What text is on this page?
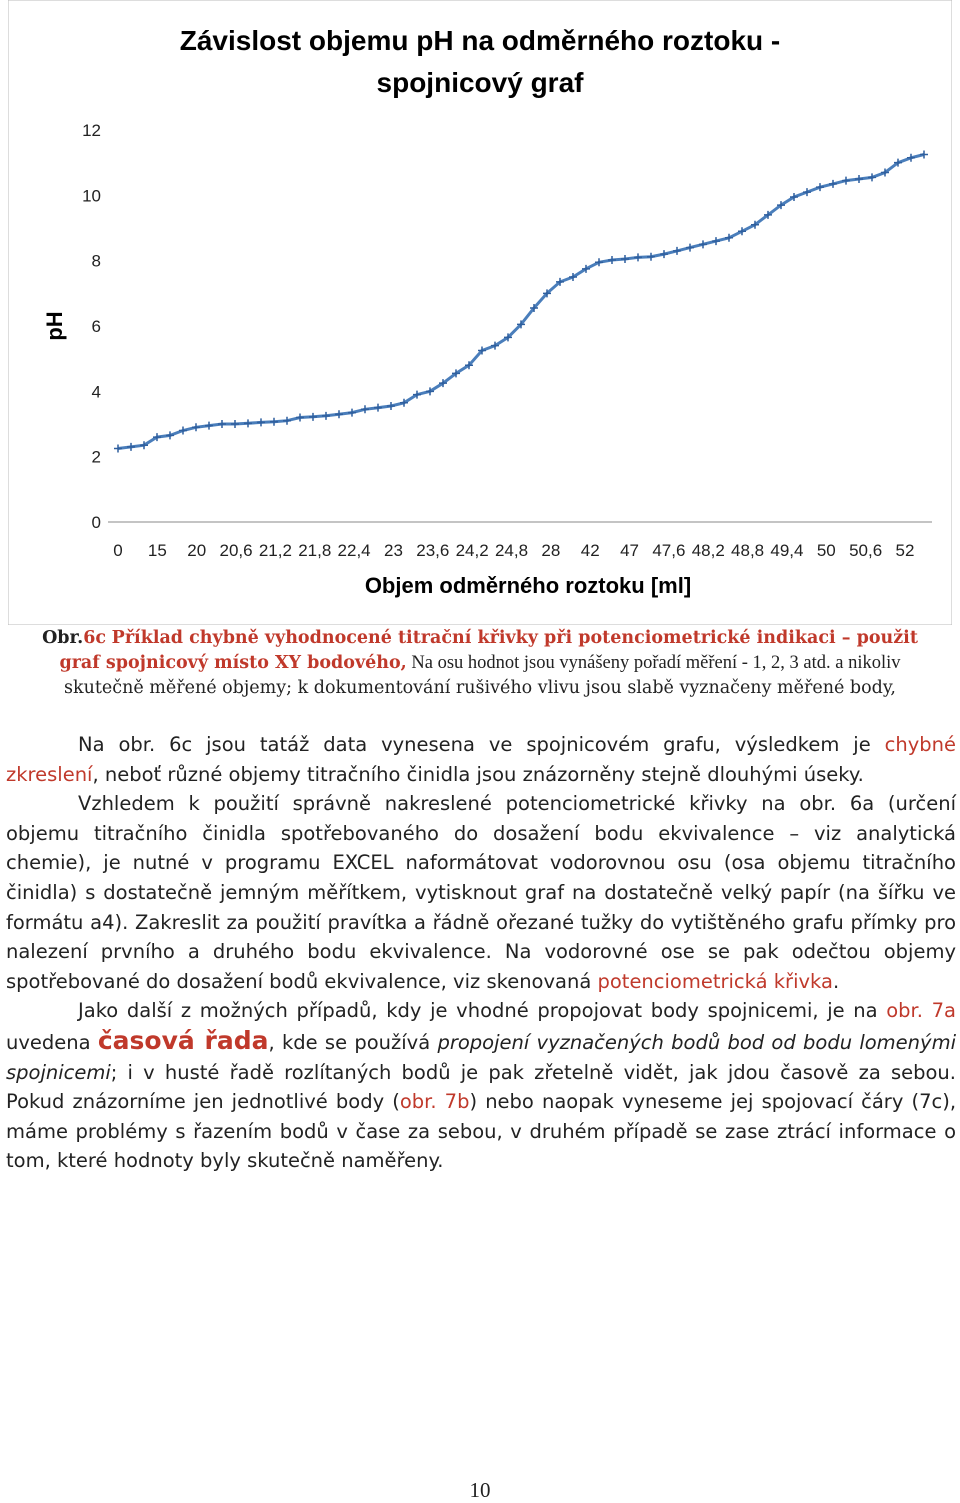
Závislost objemu pH na odměrného roztoku -
spojnicový graf
pH
0
2
4
6
8
10
12
0 15 20 20,6 21,2 21,8 22,4 23 23,6 24,2 24,8 28 42 47 47,6 48,2 48,8 49,4 50 50,6 52
Objem odměrného roztoku [ml]
Obr.6c Příklad chybně vyhodnocené titrační křivky při potenciometrické indikaci – použit graf spojnicový místo XY bodového, Na osu hodnot jsou vynášeny pořadí měření - 1, 2, 3 atd. a nikoliv
skutečně měřené objemy; k dokumentování rušivého vlivu jsou slabě vyznačeny měřené body,

Na obr. 6c jsou tatáž data vynesena ve spojnicovém grafu, výsledkem je chybné zkreslení, neboť různé objemy titračního činidla jsou znázorněny stejně dlouhými úseky.

Vzhledem k použití správně nakreslené potenciometrické křivky na obr. 6a (určení objemu titračního činidla spotřebovaného do dosažení bodu ekvivalence – viz analytická chemie), je nutné v programu EXCEL naformátovat vodorovnou osu (osa objemu titračního činidla) s dostatečně jemným měřítkem, vytisknout graf na dostatečně velký papír (na šířku ve formátu a4). Zakreslit za použití pravítka a řádně ořezané tužky do vytištěného grafu přímky pro nalezení prvního a druhého bodu ekvivalence. Na vodorovné ose se pak odečtou objemy spotřebované do dosažení bodů ekvivalence, viz skenovaná potenciometrická křivka.

Jako další z možných případů, kdy je vhodné propojovat body spojnicemi, je na obr. 7a uvedena časová řada, kde se používá propojení vyznačených bodů bod od bodu lomenými spojnicemi; i v husté řadě rozlítaných bodů je pak zřetelně vidět, jak jdou časově za sebou. Pokud znázorníme jen jednotlivé body (obr. 7b) nebo naopak vyneseme jej spojovací čáry (7c), máme problémy s řazením bodů v čase za sebou, v druhém případě se zase ztrácí informace o tom, které hodnoty byly skutečně naměřeny.

10
